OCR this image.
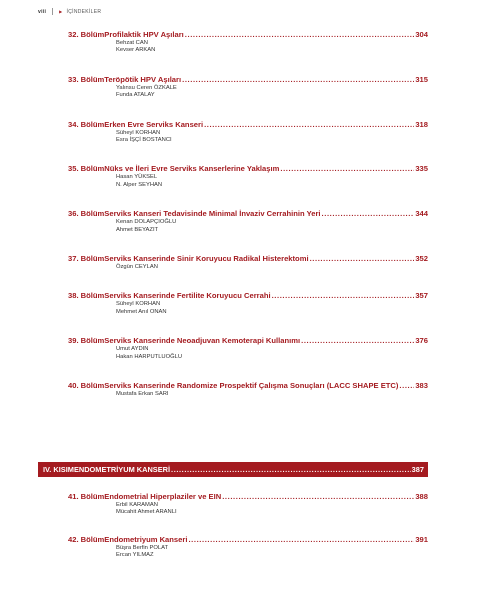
viii	▶ İÇİNDEKİLER
32. Bölüm Profilaktik HPV Aşıları .....	304
Behzat CAN
Kevser ARKAN
33. Bölüm Teröpötik HPV Aşıları .....	315
Yalınsu Ceren ÖZKALE
Funda ATALAY
34. Bölüm Erken Evre Serviks Kanseri .....	318
Süheyl KORHAN
Esra İŞÇİ BOSTANCI
35. Bölüm Nüks ve İleri Evre Serviks Kanserlerine Yaklaşım .....	335
Hasan YÜKSEL
N. Alper SEYHAN
36. Bölüm Serviks Kanseri Tedavisinde Minimal İnvaziv Cerrahinin Yeri .....	344
Kenan DOLAPÇIOĞLU
Ahmet BEYAZIT
37. Bölüm Serviks Kanserinde Sinir Koruyucu Radikal Histerektomi .....	352
Özgün CEYLAN
38. Bölüm Serviks Kanserinde Fertilite Koruyucu Cerrahi .....	357
Süheyl KORHAN
Mehmet Anıl ONAN
39. Bölüm Serviks Kanserinde Neoadjuvan Kemoterapi Kullanımı .....	376
Umut AYDIN
Hakan HARPUTLUOĞLU
40. Bölüm Serviks Kanserinde Randomize Prospektif Çalışma Sonuçları (LACC SHAPE ETC) ..... 383
Mustafa Erkan SARI
IV. KISIM ENDOMETRİYUM KANSERİ .....	387
41. Bölüm Endometrial Hiperplaziler ve EIN .....	388
Erbil KARAMAN
Mücahit Ahmet ARANLI
42. Bölüm Endometriyum Kanseri .....	391
Büşra Berfin POLAT
Ercan YILMAZ
